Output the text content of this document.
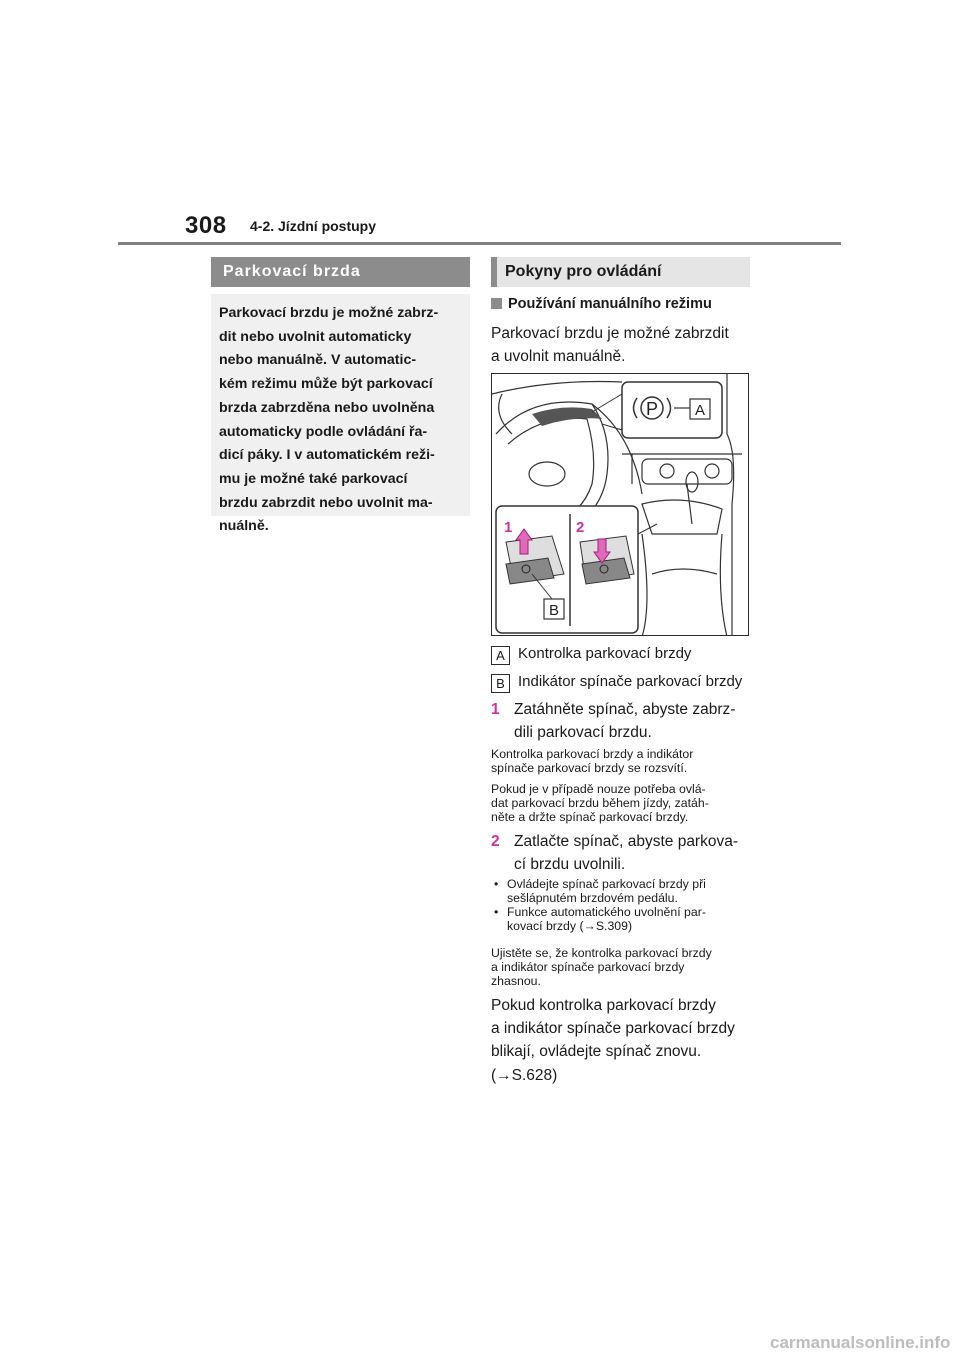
308 4-2. Jízdní postupy
Parkovací brzda
Parkovací brzdu je možné zabrz-
dit nebo uvolnit automaticky
nebo manuálně. V automatic-
kém režimu může být parkovací
brzda zabrzděna nebo uvolněna
automaticky podle ovládání řa-
dicí páky. I v automatickém reži-
mu je možné také parkovací
brzdu zabrzdit nebo uvolnit ma-
nuálně.
Pokyny pro ovládání
Používání manuálního režimu
Parkovací brzdu je možné zabrzdit
a uvolnit manuálně.
P A
1	2
B
A Kontrolka parkovací brzdy
B Indikátor spínače parkovací brzdy
1 Zatáhněte spínač, abyste zabrz-
dili parkovací brzdu.
Kontrolka parkovací brzdy a indikátor
spínače parkovací brzdy se rozsvítí.
Pokud je v případě nouze potřeba ovlá-
dat parkovací brzdu během jízdy, zatáh-
něte a držte spínač parkovací brzdy.
2 Zatlačte spínač, abyste parkova-
cí brzdu uvolnili.
• Ovládejte spínač parkovací brzdy při
sešlápnutém brzdovém pedálu.
• Funkce automatického uvolnění par-
kovací brzdy (→S.309)
Ujistěte se, že kontrolka parkovací brzdy
a indikátor spínače parkovací brzdy
zhasnou.
Pokud kontrolka parkovací brzdy
a indikátor spínače parkovací brzdy
blikají, ovládejte spínač znovu.
(→S.628)
carmanualsonline.info
